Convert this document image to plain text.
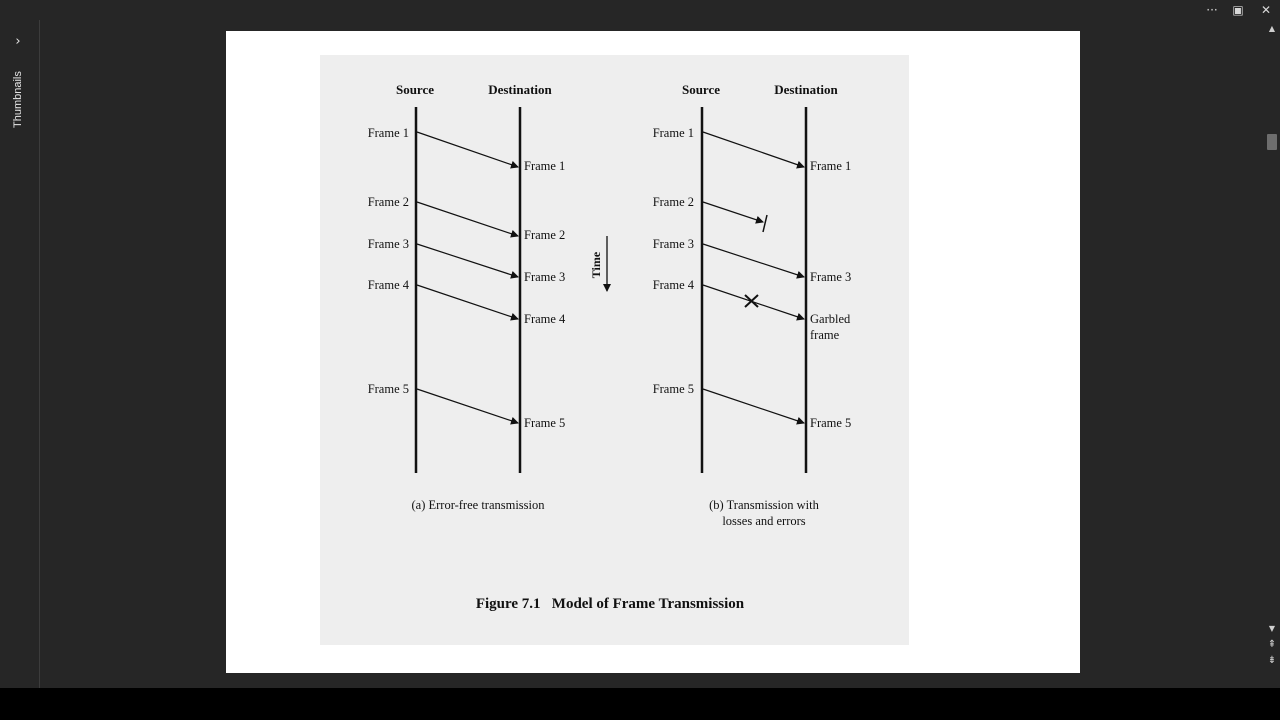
···	▣	✕
›
Thumbnails	Source	Destination
Frame 1
Frame 2
Frame 3
Frame 4
Frame 5
Frame 1
Frame 2
Frame 3
Frame 4
Frame 5
(a) Error-free transmission
Time
Source	Destination
Frame 1
Frame 2
Frame 3
Frame 4
Frame 5
Frame 1
Frame 3
Garbled
frame
Frame 5
(b) Transmission with
losses and errors
Figure 7.1   Model of Frame Transmission
▲
▼
⇞
⇟
